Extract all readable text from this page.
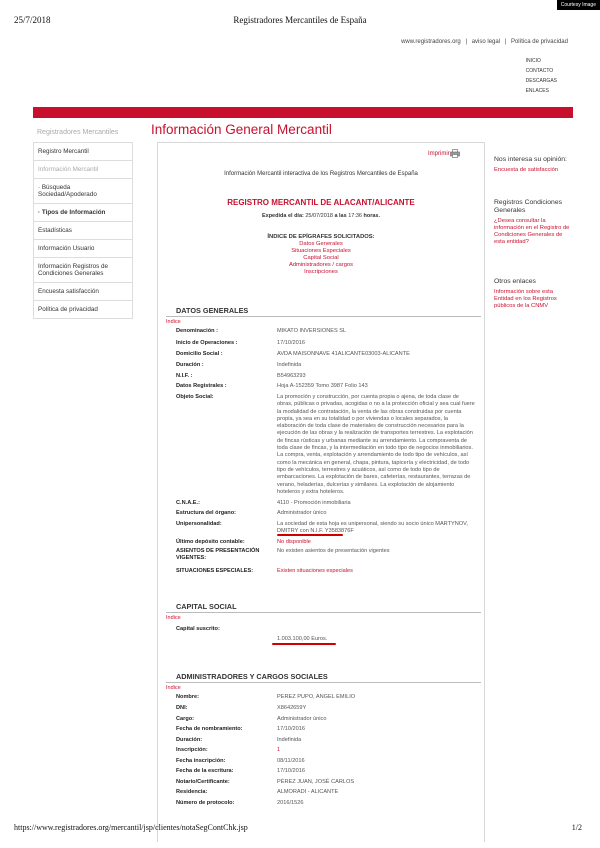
25/7/2018	Registradores Mercantiles de España
Courtesy Image
www.registradores.org | aviso legal | Política de privacidad
INICIO
CONTACTO
DESCARGAS
ENLACES
Registradores Mercantiles
Registro Mercantil
Información Mercantil
· Búsqueda Sociedad/Apoderado
· Tipos de Información
Estadísticas
Información Usuario
Información Registros de Condiciones Generales
Encuesta satisfacción
Política de privacidad
Información General Mercantil
Imprimir
Información Mercantil interactiva de los Registros Mercantiles de España
REGISTRO MERCANTIL DE ALACANT/ALICANTE
Expedida el día: 25/07/2018 a las 17:36 horas.
ÍNDICE DE EPÍGRAFES SOLICITADOS:
Datos Generales
Situaciones Especiales
Capital Social
Administradores / cargos
Inscripciones
DATOS GENERALES
Indice
Denominación :	MIKATO INVERSIONES SL
Inicio de Operaciones :	17/10/2016
Domicilio Social :	AVDA MAISONNAVE 41ALICANTE03003-ALICANTE
Duración :	Indefinida
N.I.F. :	B54963293
Datos Registrales :	Hoja A-152359 Tomo 3987 Folio 143
Objeto Social:	La promoción y construcción, por cuenta propia o ajena, de toda clase de obras, públicas o privadas, acogidas o no a la protección oficial y sea cual fuere la modalidad de contratación, la venta de las obras construidas por cuenta propia, ya sea en su totalidad o por viviendas o locales separados, la elaboración de toda clase de materiales de construcción necesarios para la ejecución de las obras y la realización de transportes terrestres. La explotación de fincas rústicas y urbanas mediante su arrendamiento. La compraventa de toda clase de fincas, y la intermediación en todo tipo de negocios inmobiliarios. La compra, venta, explotación y arrendamiento de todo tipo de vehículos, así como la mecánica en general, chapa, pintura, tapicería y electricidad, de todo tipo de vehículos, terrestres y acuáticos, así como de todo tipo de embarcaciones. La explotación de bares, cafeterías, restaurantes, terrazas de verano, heladerías, dulcerías y similares. La explotación de alojamiento hoteleros y extra hoteleros.
C.N.A.E.:	4110 - Promoción inmobiliaria
Estructura del órgano:	Administrador único
Unipersonalidad:	La sociedad de esta hoja es unipersonal, siendo su socio único MARTYNOV, DMITRY con N.I.F. Y3583876F
Último depósito contable:	No disponible
ASIENTOS DE PRESENTACIÓN VIGENTES:
No existen asientos de presentación vigentes
SITUACIONES ESPECIALES:	Existen situaciones especiales
CAPITAL SOCIAL
Indice
Capital suscrito:
1.003.100,00 Euros.
ADMINISTRADORES Y CARGOS SOCIALES
Indice
Nombre:	PEREZ PUPO, ANGEL EMILIO
DNI:	X8642659Y
Cargo:	Administrador único
Fecha de nombramiento:	17/10/2016
Duración:	Indefinida
Inscripción:	1
Fecha inscripción:	08/11/2016
Fecha de la escritura:	17/10/2016
Notario/Certificante:	PÉREZ JUAN, JOSÉ CARLOS
Residencia:	ALMORADI - ALICANTE
Número de protocolo:	2016/1526
Nos interesa su opinión:
Encuesta de satisfacción
Registros Condiciones Generales
¿Desea consultar la información en el Registro de Condiciones Generales de esta entidad?
Otros enlaces
Información sobre esta Entidad en los Registros públicos de la CNMV
https://www.registradores.org/mercantil/jsp/clientes/notaSegContChk.jsp	1/2
